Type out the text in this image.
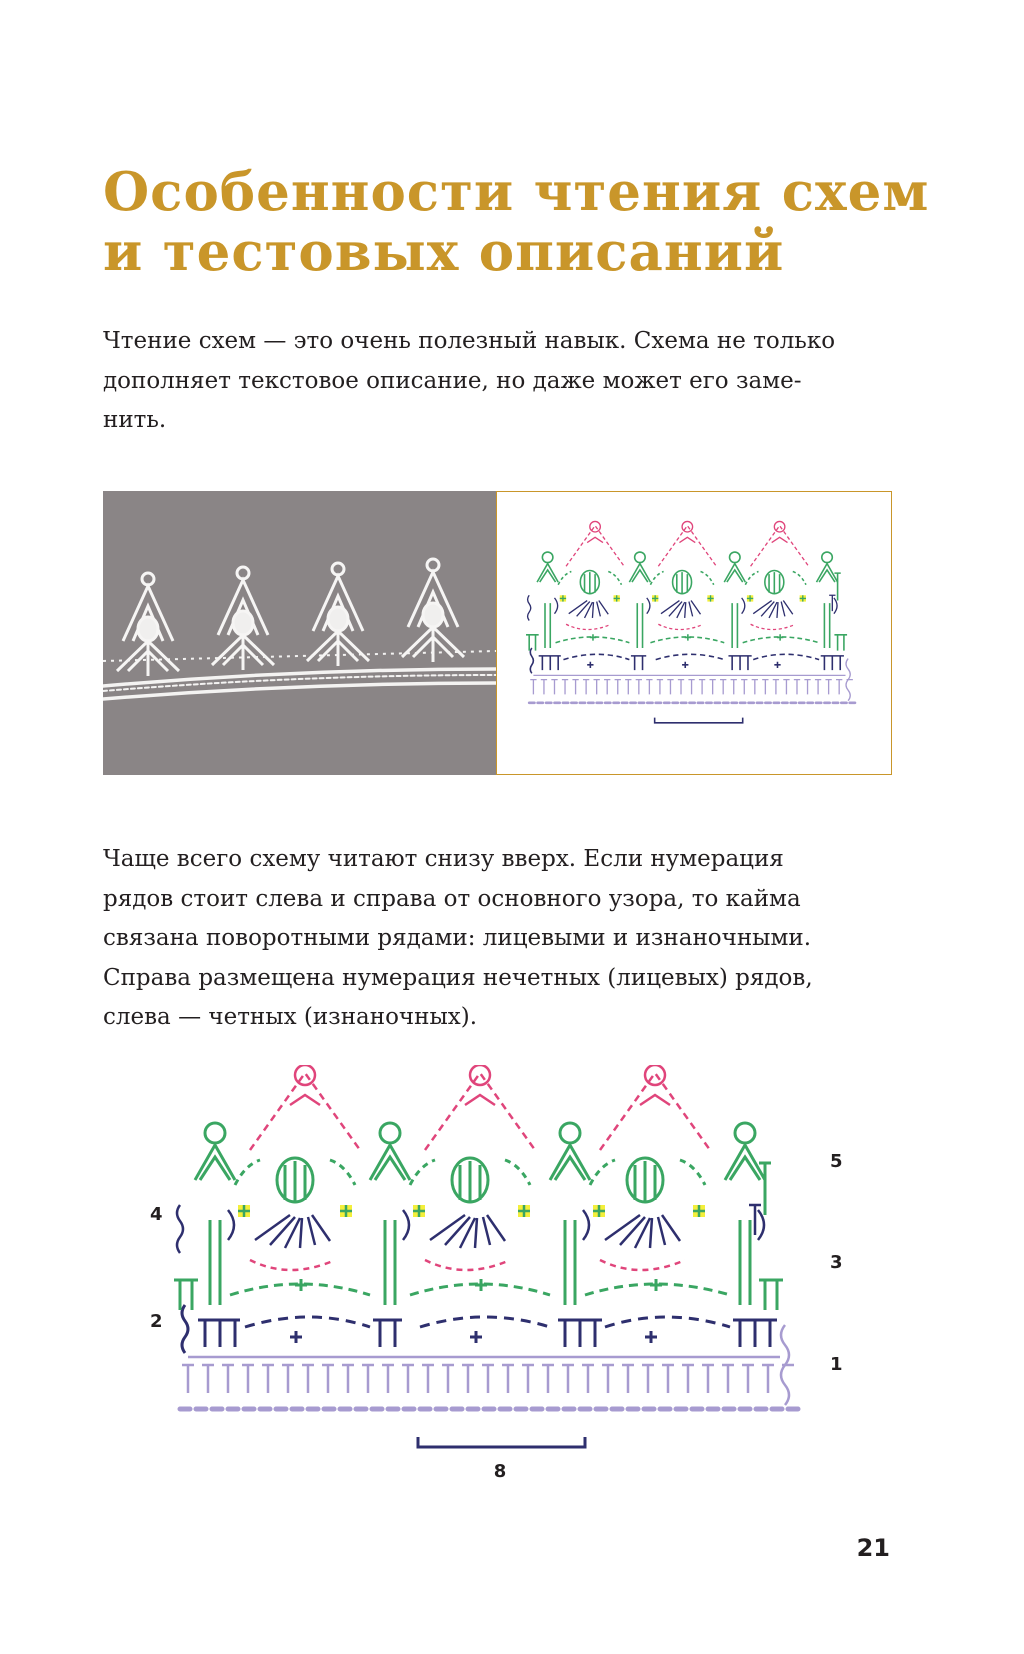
Особенности чтения схем
и тестовых описаний

Чтение схем — это очень полезный навык. Схема не только
дополняет текстовое описание, но даже может его заме-
нить.

Чаще всего схему читают снизу вверх. Если нумерация
рядов стоит слева и справа от основного узора, то кайма
связана поворотными рядами: лицевыми и изнаночными.
Справа размещена нумерация нечетных (лицевых) рядов,
слева — четных (изнаночных).

8
4
2
5
3
1
21
